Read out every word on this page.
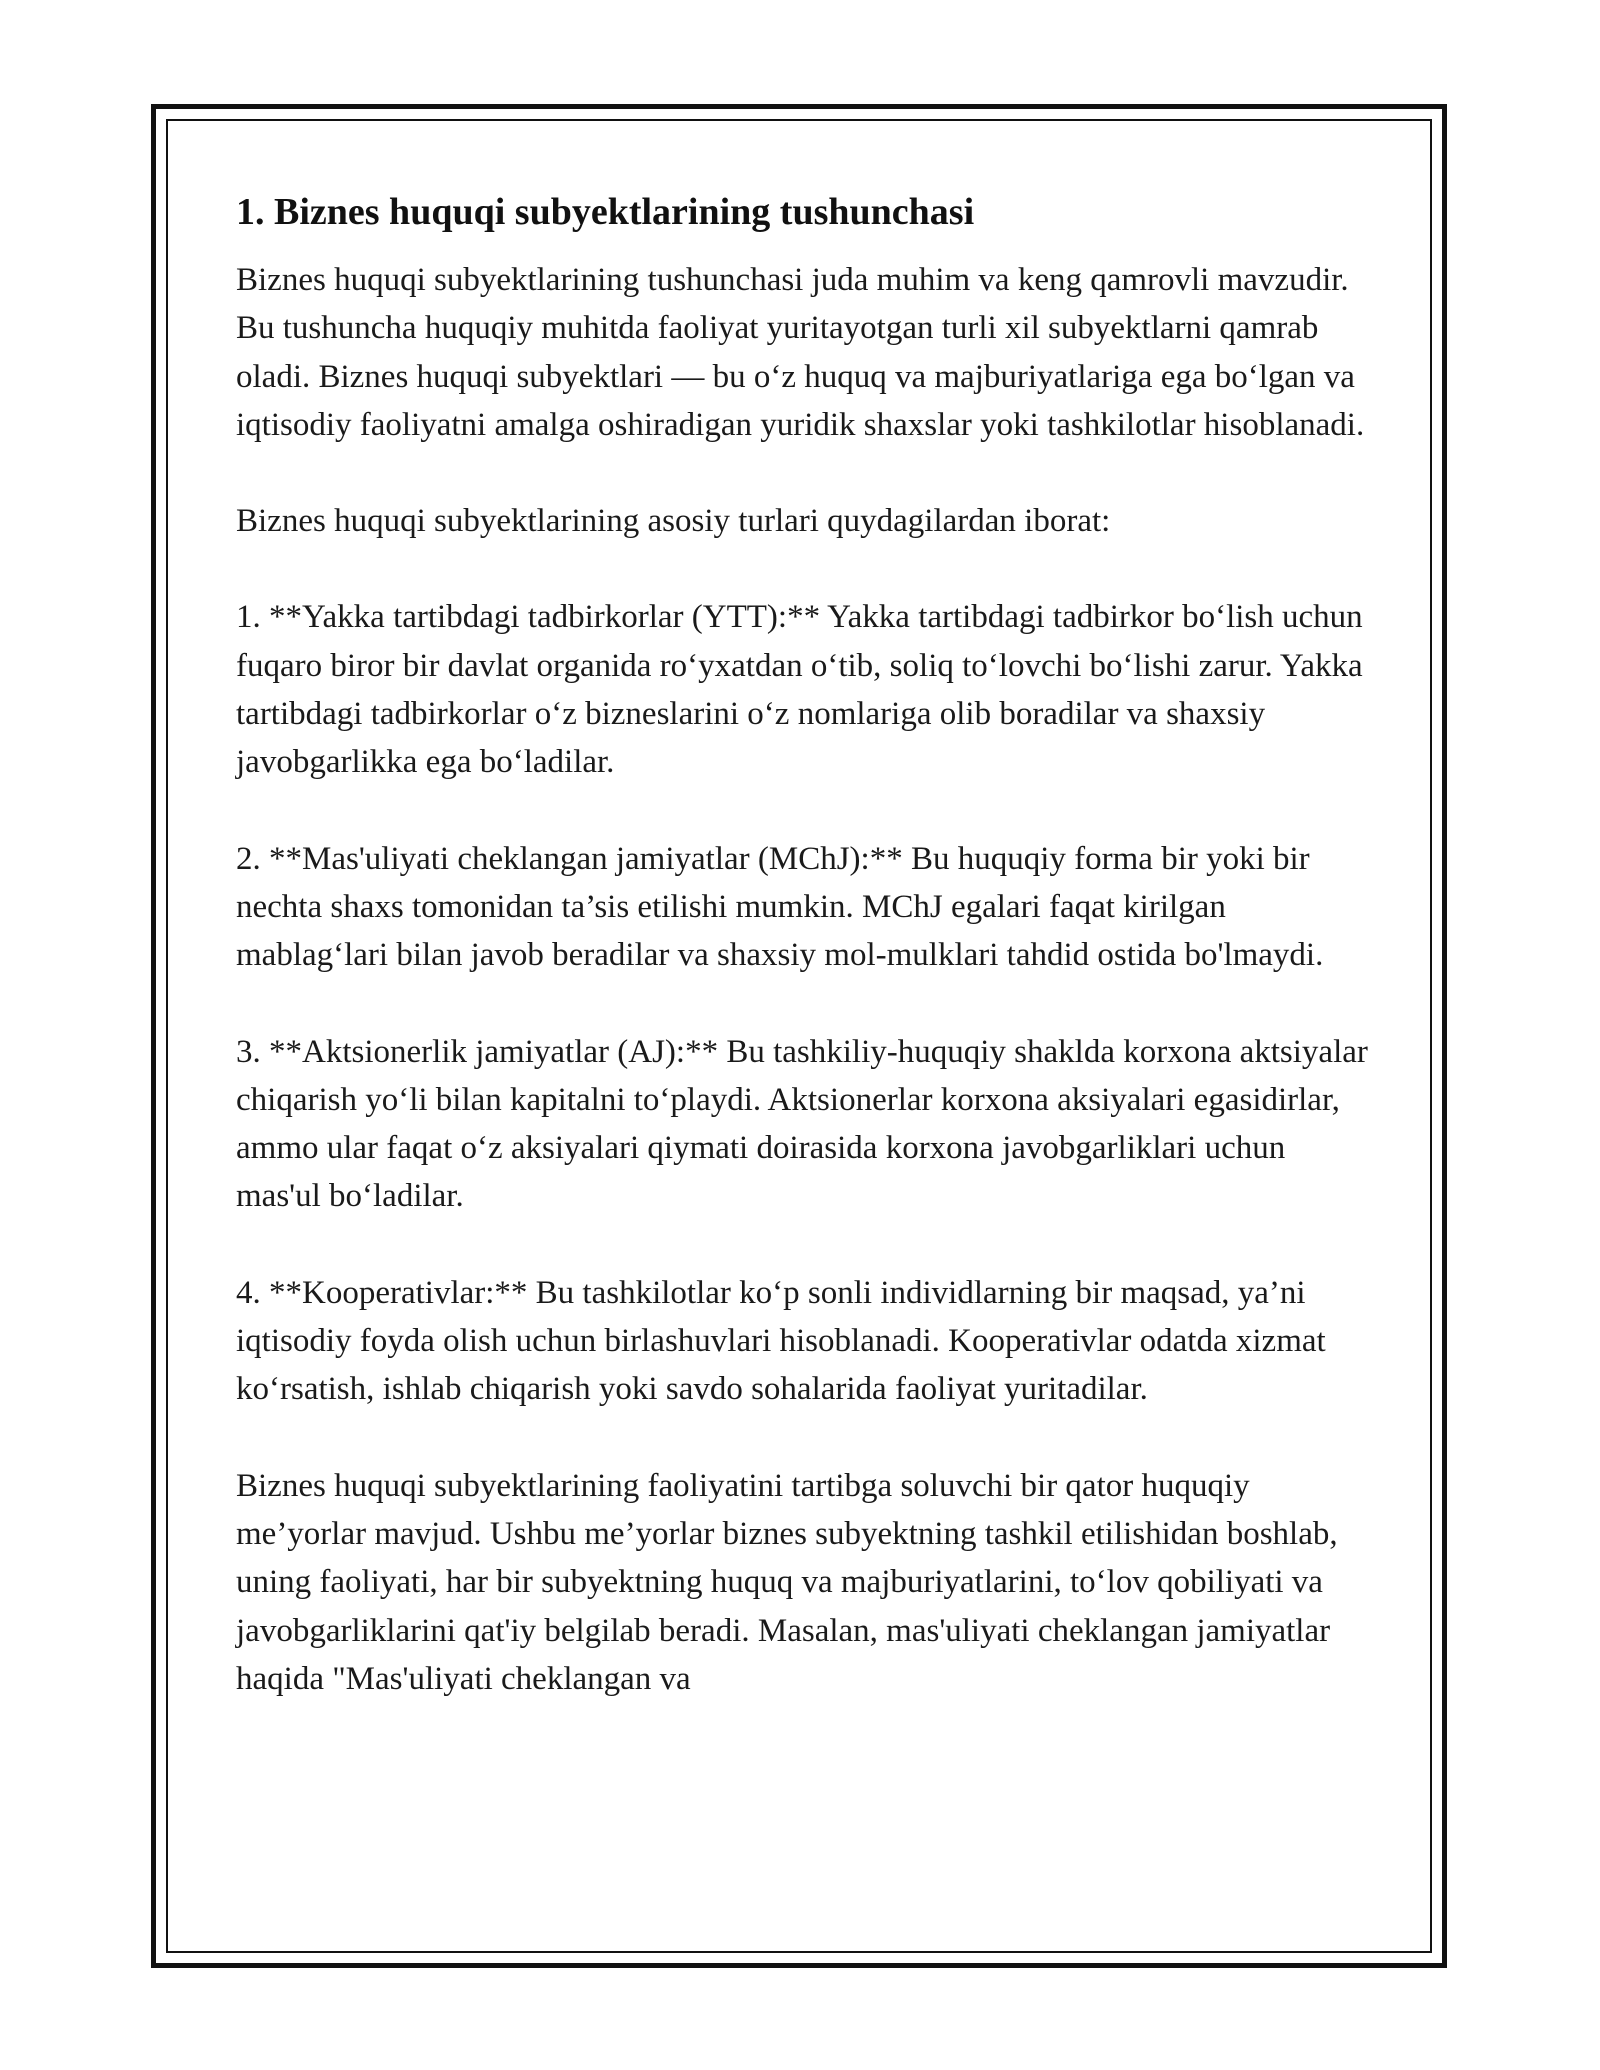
1. Biznes huquqi subyektlarining tushunchasi

Biznes huquqi subyektlarining tushunchasi juda muhim va keng qamrovli mavzudir. Bu tushuncha huquqiy muhitda faoliyat yuritayotgan turli xil subyektlarni qamrab oladi. Biznes huquqi subyektlari — bu o‘z huquq va majburiyatlariga ega bo‘lgan va iqtisodiy faoliyatni amalga oshiradigan yuridik shaxslar yoki tashkilotlar hisoblanadi.

Biznes huquqi subyektlarining asosiy turlari quydagilardan iborat:

1. **Yakka tartibdagi tadbirkorlar (YTT):** Yakka tartibdagi tadbirkor bo‘lish uchun fuqaro biror bir davlat organida ro‘yxatdan o‘tib, soliq to‘lovchi bo‘lishi zarur. Yakka tartibdagi tadbirkorlar o‘z bizneslarini o‘z nomlariga olib boradilar va shaxsiy javobgarlikka ega bo‘ladilar.

2. **Mas'uliyati cheklangan jamiyatlar (MChJ):** Bu huquqiy forma bir yoki bir nechta shaxs tomonidan ta’sis etilishi mumkin. MChJ egalari faqat kirilgan mablag‘lari bilan javob beradilar va shaxsiy mol-mulklari tahdid ostida bo'lmaydi.

3. **Aktsionerlik jamiyatlar (AJ):** Bu tashkiliy-huquqiy shaklda korxona aktsiyalar chiqarish yo‘li bilan kapitalni to‘playdi. Aktsionerlar korxona aksiyalari egasidirlar, ammo ular faqat o‘z aksiyalari qiymati doirasida korxona javobgarliklari uchun mas'ul bo‘ladilar.

4. **Kooperativlar:** Bu tashkilotlar ko‘p sonli individlarning bir maqsad, ya’ni iqtisodiy foyda olish uchun birlashuvlari hisoblanadi. Kooperativlar odatda xizmat ko‘rsatish, ishlab chiqarish yoki savdo sohalarida faoliyat yuritadilar.

Biznes huquqi subyektlarining faoliyatini tartibga soluvchi bir qator huquqiy me’yorlar mavjud. Ushbu me’yorlar biznes subyektning tashkil etilishidan boshlab, uning faoliyati, har bir subyektning huquq va majburiyatlarini, to‘lov qobiliyati va javobgarliklarini qat'iy belgilab beradi. Masalan, mas'uliyati cheklangan jamiyatlar haqida "Mas'uliyati cheklangan va
